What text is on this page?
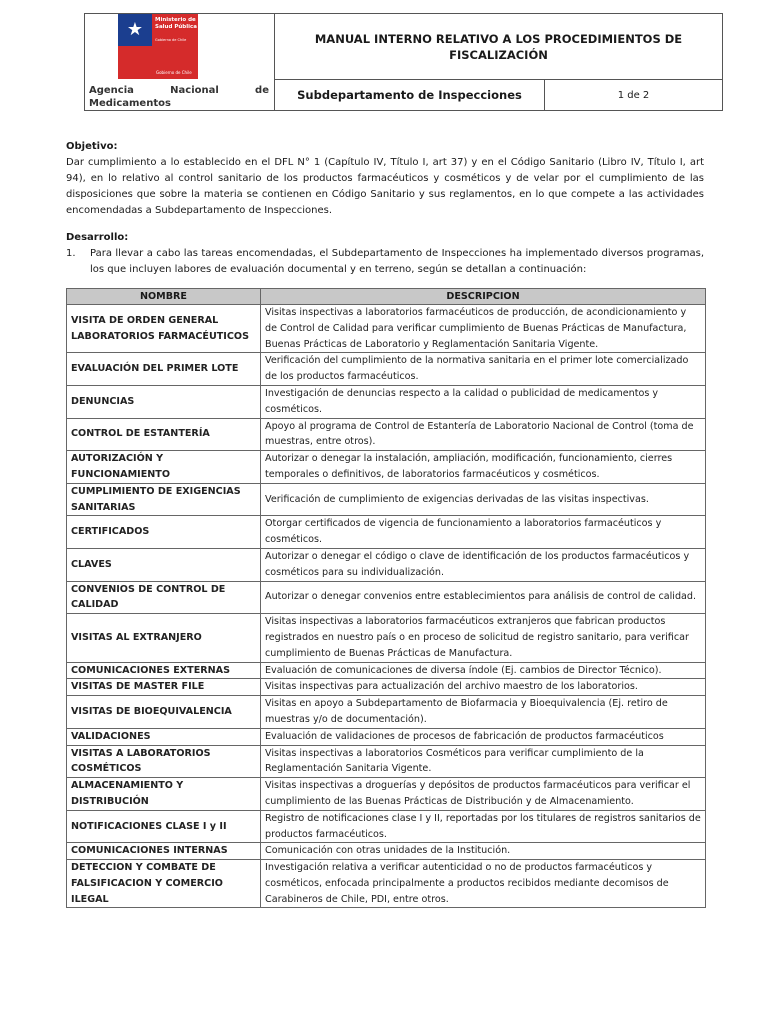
★	Ministerio de Salud Pública
Gobierno de Chile
Gobierno de Chile
Agencia	Nacional	de
Medicamentos
MANUAL INTERNO RELATIVO A LOS PROCEDIMIENTOS DE FISCALIZACIÓN
Subdepartamento de Inspecciones	1 de 2
Objetivo:
Dar cumplimiento a lo establecido en el DFL N° 1 (Capítulo IV, Título I, art 37) y en el Código Sanitario (Libro IV, Título I, art 94), en lo relativo al control sanitario de los productos farmacéuticos y cosméticos y de velar por el cumplimiento de las disposiciones que sobre la materia se contienen en Código Sanitario y sus reglamentos, en lo que compete a las actividades encomendadas a Subdepartamento de Inspecciones.
Desarrollo:
1.	Para llevar a cabo las tareas encomendadas, el Subdepartamento de Inspecciones ha implementado diversos programas, los que incluyen labores de evaluación documental y en terreno, según se detallan a continuación:
NOMBRE	DESCRIPCION
VISITA DE ORDEN GENERAL LABORATORIOS FARMACÉUTICOS	Visitas inspectivas a laboratorios farmacéuticos de producción, de acondicionamiento y de Control de Calidad para verificar cumplimiento de Buenas Prácticas de Manufactura, Buenas Prácticas de Laboratorio y Reglamentación Sanitaria Vigente.
EVALUACIÓN DEL PRIMER LOTE	Verificación del cumplimiento de la normativa sanitaria en el primer lote comercializado de los productos farmacéuticos.
DENUNCIAS	Investigación de denuncias respecto a la calidad o publicidad de medicamentos y cosméticos.
CONTROL DE ESTANTERÍA	Apoyo al programa de Control de Estantería de Laboratorio Nacional de Control (toma de muestras, entre otros).
AUTORIZACIÓN Y FUNCIONAMIENTO	Autorizar o denegar la instalación, ampliación, modificación, funcionamiento, cierres temporales o definitivos, de laboratorios farmacéuticos y cosméticos.
CUMPLIMIENTO DE EXIGENCIAS SANITARIAS	Verificación de cumplimiento de exigencias derivadas de las visitas inspectivas.
CERTIFICADOS	Otorgar certificados de vigencia de funcionamiento a laboratorios farmacéuticos y cosméticos.
CLAVES	Autorizar o denegar el código o clave de identificación de los productos farmacéuticos y cosméticos para su individualización.
CONVENIOS DE CONTROL DE CALIDAD	Autorizar o denegar convenios entre establecimientos para análisis de control de calidad.
VISITAS AL EXTRANJERO	Visitas inspectivas a laboratorios farmacéuticos extranjeros que fabrican productos registrados en nuestro país o en proceso de solicitud de registro sanitario, para verificar cumplimiento de Buenas Prácticas de Manufactura.
COMUNICACIONES EXTERNAS	Evaluación de comunicaciones de diversa índole (Ej. cambios de Director Técnico).
VISITAS DE MASTER FILE	Visitas inspectivas para actualización del archivo maestro de los laboratorios.
VISITAS DE BIOEQUIVALENCIA	Visitas en apoyo a Subdepartamento de Biofarmacia y Bioequivalencia (Ej. retiro de muestras y/o de documentación).
VALIDACIONES	Evaluación de validaciones de procesos de fabricación de productos farmacéuticos
VISITAS A LABORATORIOS COSMÉTICOS	Visitas inspectivas a laboratorios Cosméticos para verificar cumplimiento de la Reglamentación Sanitaria Vigente.
ALMACENAMIENTO Y DISTRIBUCIÓN	Visitas inspectivas a droguerías y depósitos de productos farmacéuticos para verificar el cumplimiento de las Buenas Prácticas de Distribución y de Almacenamiento.
NOTIFICACIONES CLASE I y II	Registro de notificaciones clase I y II, reportadas por los titulares de registros sanitarios de productos farmacéuticos.
COMUNICACIONES INTERNAS	Comunicación con otras unidades de la Institución.
DETECCION Y COMBATE DE FALSIFICACION Y COMERCIO ILEGAL	Investigación relativa a verificar autenticidad o no de productos farmacéuticos y cosméticos, enfocada principalmente a productos recibidos mediante decomisos de Carabineros de Chile, PDI, entre otros.
